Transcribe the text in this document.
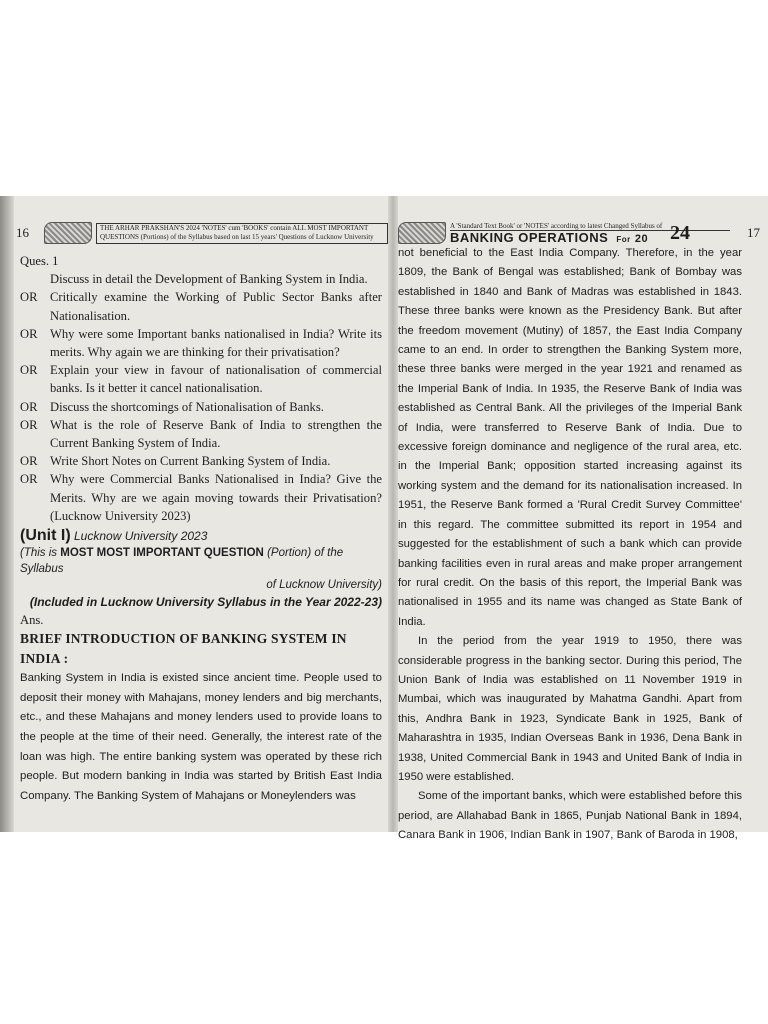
16	THE ARHAR PRAKSHAN'S 2024 'NOTES' cum 'BOOKS' contain ALL MOST IMPORTANT QUESTIONS (Portions) of the Syllabus based on last 15 years' Questions of Lucknow University

Ques. 1

Discuss in detail the Development of Banking System in India.
OR Critically examine the Working of Public Sector Banks after Nationalisation.
OR Why were some Important banks nationalised in India? Write its merits. Why again we are thinking for their privatisation?
OR Explain your view in favour of nationalisation of commercial banks. Is it better it cancel nationalisation.
OR Discuss the shortcomings of Nationalisation of Banks.
OR What is the role of Reserve Bank of India to strengthen the Current Banking System of India.
OR Write Short Notes on Current Banking System of India.
OR Why were Commercial Banks Nationalised in India? Give the Merits. Why are we again moving towards their Privatisation? (Lucknow University 2023)
(Unit I) Lucknow University 2023
(This is MOST MOST IMPORTANT QUESTION (Portion) of the Syllabus
of Lucknow University)
(Included in Lucknow University Syllabus in the Year 2022-23)
Ans.
BRIEF INTRODUCTION OF BANKING SYSTEM IN INDIA :

Banking System in India is existed since ancient time. People used to deposit their money with Mahajans, money lenders and big merchants, etc., and these Mahajans and money lenders used to provide loans to the people at the time of their need. Generally, the interest rate of the loan was high. The entire banking system was operated by these rich people. But modern banking in India was started by British East India Company. The Banking System of Mahajans or Moneylenders was

A 'Standard Text Book' or 'NOTES' according to latest Changed Syllabus of
BANKING OPERATIONS For 20	24	17

not beneficial to the East India Company. Therefore, in the year 1809, the Bank of Bengal was established; Bank of Bombay was established in 1840 and Bank of Madras was established in 1843. These three banks were known as the Presidency Bank. But after the freedom movement (Mutiny) of 1857, the East India Company came to an end. In order to strengthen the Banking System more, these three banks were merged in the year 1921 and renamed as the Imperial Bank of India. In 1935, the Reserve Bank of India was established as Central Bank. All the privileges of the Imperial Bank of India, were transferred to Reserve Bank of India. Due to excessive foreign dominance and negligence of the rural area, etc. in the Imperial Bank; opposition started increasing against its working system and the demand for its nationalisation increased. In 1951, the Reserve Bank formed a 'Rural Credit Survey Committee' in this regard. The committee submitted its report in 1954 and suggested for the establishment of such a bank which can provide banking facilities even in rural areas and make proper arrangement for rural credit. On the basis of this report, the Imperial Bank was nationalised in 1955 and its name was changed as State Bank of India.

In the period from the year 1919 to 1950, there was considerable progress in the banking sector. During this period, The Union Bank of India was established on 11 November 1919 in Mumbai, which was inaugurated by Mahatma Gandhi. Apart from this, Andhra Bank in 1923, Syndicate Bank in 1925, Bank of Maharashtra in 1935, Indian Overseas Bank in 1936, Dena Bank in 1938, United Commercial Bank in 1943 and United Bank of India in 1950 were established.

Some of the important banks, which were established before this period, are Allahabad Bank in 1865, Punjab National Bank in 1894, Canara Bank in 1906, Indian Bank in 1907, Bank of Baroda in 1908,
